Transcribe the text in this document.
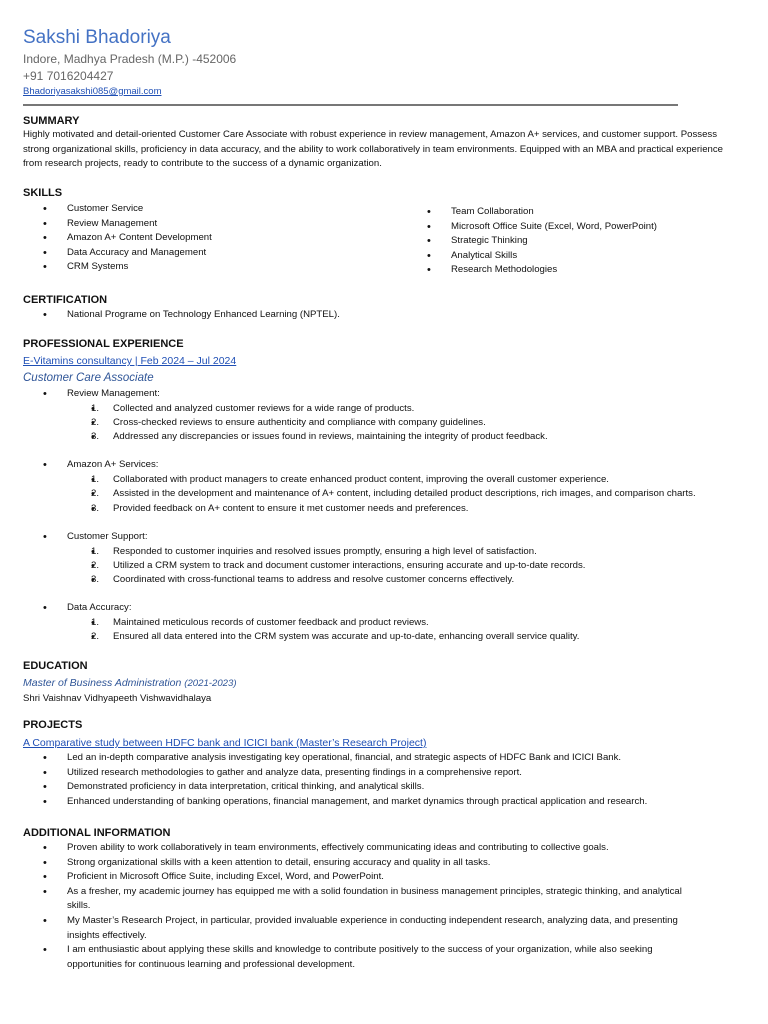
Sakshi Bhadoriya
Indore, Madhya Pradesh (M.P.) -452006
+91 7016204427
Bhadoriyasakshi085@gmail.com
SUMMARY
Highly motivated and detail-oriented Customer Care Associate with robust experience in review management, Amazon A+ services, and customer support. Possess strong organizational skills, proficiency in data accuracy, and the ability to work collaboratively in team environments. Equipped with an MBA and practical experience from research projects, ready to contribute to the success of a dynamic organization.
SKILLS
• Customer Service
• Review Management
• Amazon A+ Content Development
• Data Accuracy and Management
• CRM Systems
• Team Collaboration
• Microsoft Office Suite (Excel, Word, PowerPoint)
• Strategic Thinking
• Analytical Skills
• Research Methodologies
CERTIFICATION
• National Programe on Technology Enhanced Learning (NPTEL).
PROFESSIONAL EXPERIENCE
E-Vitamins consultancy | Feb 2024 – Jul 2024
Customer Care Associate
• Review Management:
• 1. Collected and analyzed customer reviews for a wide range of products.
• 2. Cross-checked reviews to ensure authenticity and compliance with company guidelines.
• 3. Addressed any discrepancies or issues found in reviews, maintaining the integrity of product feedback.
• Amazon A+ Services:
• 1. Collaborated with product managers to create enhanced product content, improving the overall customer experience.
• 2. Assisted in the development and maintenance of A+ content, including detailed product descriptions, rich images, and comparison charts.
• 3. Provided feedback on A+ content to ensure it met customer needs and preferences.
• Customer Support:
• 1. Responded to customer inquiries and resolved issues promptly, ensuring a high level of satisfaction.
• 2. Utilized a CRM system to track and document customer interactions, ensuring accurate and up-to-date records.
• 3. Coordinated with cross-functional teams to address and resolve customer concerns effectively.
• Data Accuracy:
• 1. Maintained meticulous records of customer feedback and product reviews.
• 2. Ensured all data entered into the CRM system was accurate and up-to-date, enhancing overall service quality.
EDUCATION
Master of Business Administration (2021-2023)
Shri Vaishnav Vidhyapeeth Vishwavidhalaya
PROJECTS
A Comparative study between HDFC bank and ICICI bank (Master’s Research Project)
• Led an in-depth comparative analysis investigating key operational, financial, and strategic aspects of HDFC Bank and ICICI Bank.
• Utilized research methodologies to gather and analyze data, presenting findings in a comprehensive report.
• Demonstrated proficiency in data interpretation, critical thinking, and analytical skills.
• Enhanced understanding of banking operations, financial management, and market dynamics through practical application and research.
ADDITIONAL INFORMATION
• Proven ability to work collaboratively in team environments, effectively communicating ideas and contributing to collective goals.
• Strong organizational skills with a keen attention to detail, ensuring accuracy and quality in all tasks.
• Proficient in Microsoft Office Suite, including Excel, Word, and PowerPoint.
• As a fresher, my academic journey has equipped me with a solid foundation in business management principles, strategic thinking, and analytical skills.
• My Master’s Research Project, in particular, provided invaluable experience in conducting independent research, analyzing data, and presenting insights effectively.
• I am enthusiastic about applying these skills and knowledge to contribute positively to the success of your organization, while also seeking opportunities for continuous learning and professional development.
